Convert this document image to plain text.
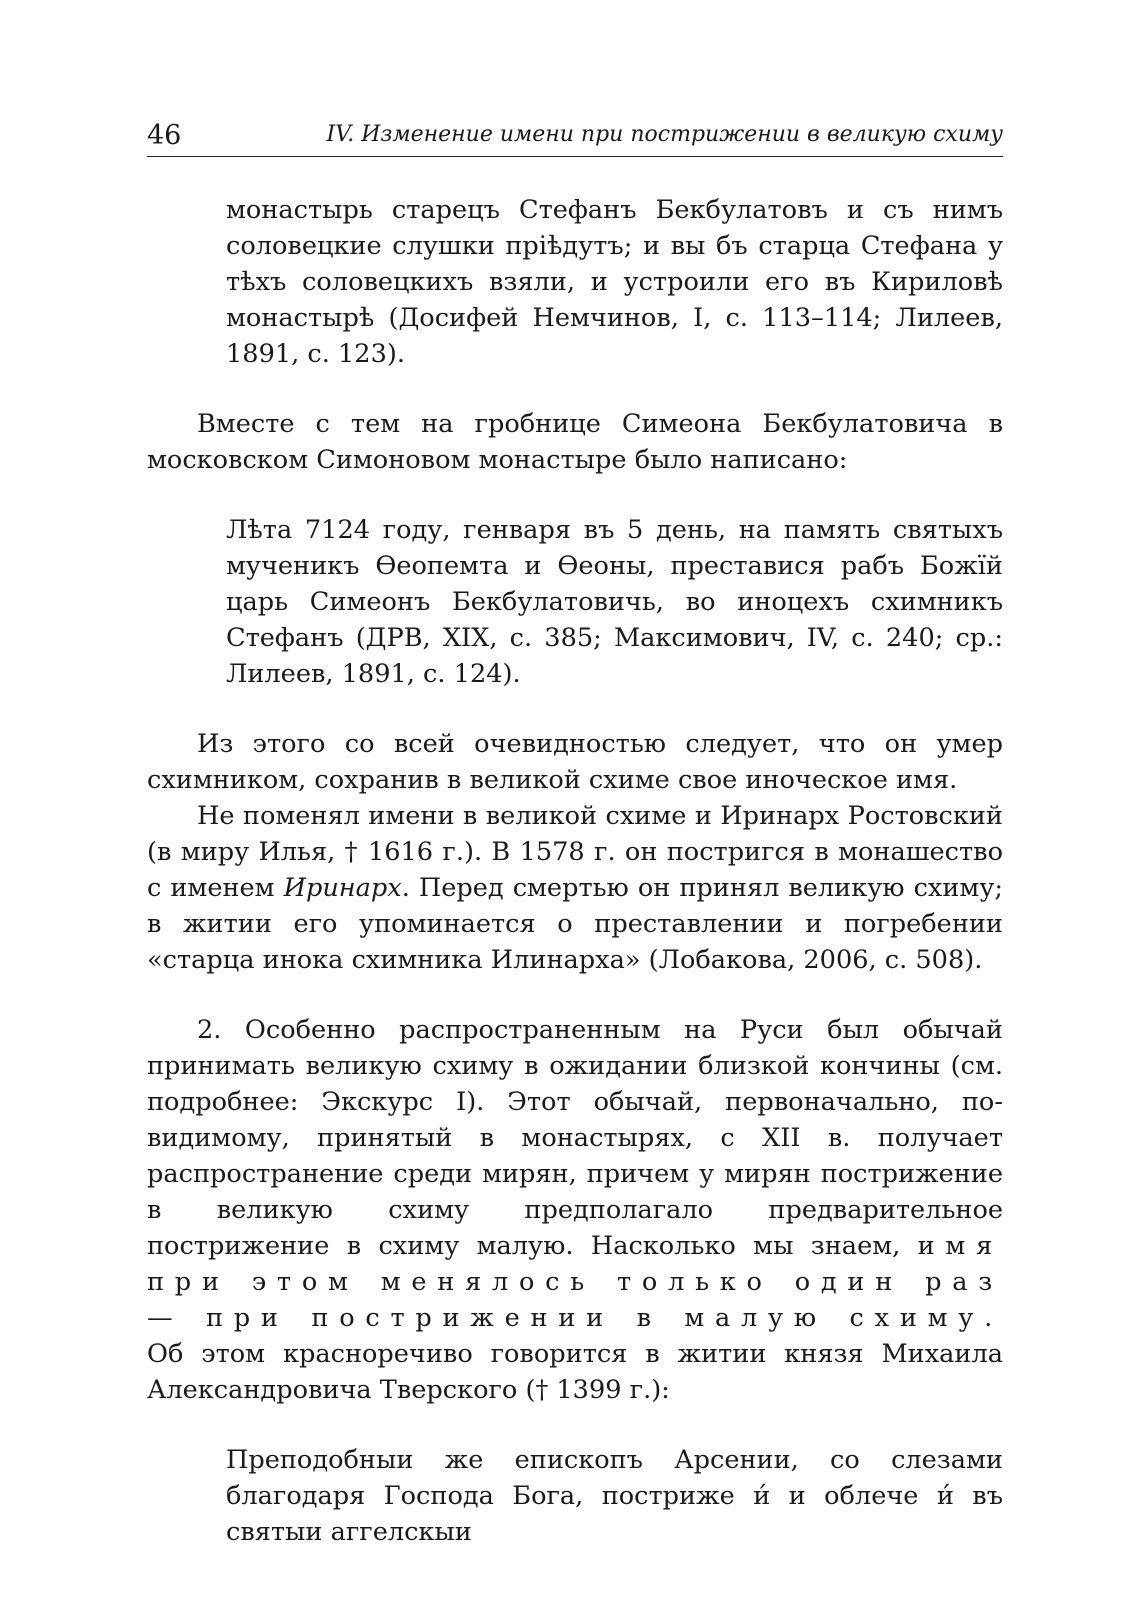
46	IV. Изменение имени при пострижении в великую схиму

монастырь старецъ Стефанъ Бекбулатовъ и съ нимъ соловецкие слушки прiѣдутъ; и вы бъ старца Стефана у тѣхъ соловецкихъ взяли, и устроили его въ Кириловѣ монастырѣ (Досифей Немчинов, I, с. 113–114; Лилеев, 1891, с. 123).

Вместе с тем на гробнице Симеона Бекбулатовича в московском Симоновом монастыре было написано:

Лѣта 7124 году, генваря въ 5 день, на память святыхъ мученикъ Ѳеопемта и Ѳеоны, преставися рабъ Божїй царь Симеонъ Бекбулатовичь, во иноцехъ схимникъ Стефанъ (ДРВ, XIX, с. 385; Максимович, IV, с. 240; ср.: Лилеев, 1891, с. 124).

Из этого со всей очевидностью следует, что он умер схимником, сохранив в великой схиме свое иноческое имя.

Не поменял имени в великой схиме и Иринарх Ростовский (в миру Илья, † 1616 г.). В 1578 г. он постригся в монашество с именем Иринарх. Перед смертью он принял великую схиму; в житии его упоминается о преставлении и погребении «старца инока схимника Илинарха» (Лобакова, 2006, с. 508).

2. Особенно распространенным на Руси был обычай принимать великую схиму в ожидании близкой кончины (см. подробнее: Экскурс I). Этот обычай, первоначально, по-видимому, принятый в монастырях, с XII в. получает распространение среди мирян, причем у мирян пострижение в великую схиму предполагало предварительное пострижение в схиму малую. Насколько мы знаем, имя при этом менялось только один раз — при пострижении в малую схиму. Об этом красноречиво говорится в житии князя Михаила Александровича Тверского († 1399 г.):

Преподобныи же епископъ Арсении, со слезами благодаря Господа Бога, постриже и́ и облече и́ въ святыи аггелскыи
